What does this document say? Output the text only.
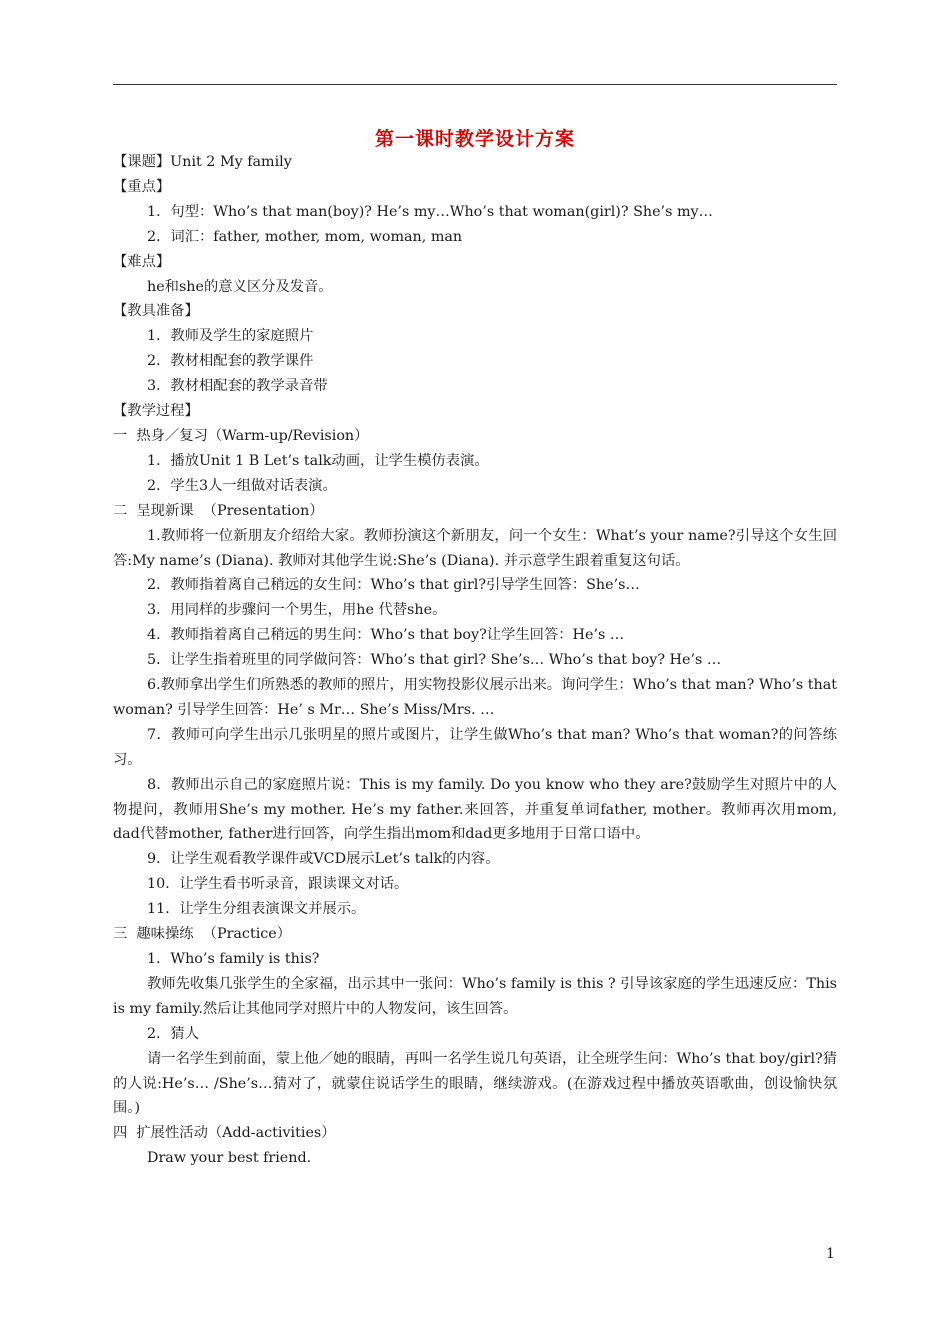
第一课时教学设计方案

【课题】Unit 2 My family

【重点】

1．句型：Who’s that man(boy)? He’s my…Who’s that woman(girl)? She’s my…

2．词汇：father, mother, mom, woman, man

【难点】

he和she的意义区分及发音。

【教具准备】

1．教师及学生的家庭照片

2．教材相配套的教学课件

3．教材相配套的教学录音带

【教学过程】

一  热身／复习（Warm-up/Revision）

1．播放Unit 1 B Let’s talk动画，让学生模仿表演。

2．学生3人一组做对话表演。

二  呈现新课  （Presentation）

1.教师将一位新朋友介绍给大家。教师扮演这个新朋友，问一个女生：What’s your name?引导这个女生回答:My name’s (Diana). 教师对其他学生说:She’s (Diana). 并示意学生跟着重复这句话。

2．教师指着离自己稍远的女生问：Who’s that girl?引导学生回答：She’s…

3．用同样的步骤问一个男生，用he 代替she。

4．教师指着离自己稍远的男生问：Who’s that boy?让学生回答：He’s …

5．让学生指着班里的同学做问答：Who’s that girl? She’s… Who’s that boy? He’s …

6.教师拿出学生们所熟悉的教师的照片，用实物投影仪展示出来。询问学生：Who’s that man? Who’s that woman? 引导学生回答：He’ s Mr… She’s Miss/Mrs. …

7．教师可向学生出示几张明星的照片或图片，让学生做Who’s that man? Who’s that woman?的问答练习。

8．教师出示自己的家庭照片说：This is my family. Do you know who they are?鼓励学生对照片中的人物提问，教师用She’s my mother. He’s my father.来回答，并重复单词father, mother。教师再次用mom, dad代替mother, father进行回答，向学生指出mom和dad更多地用于日常口语中。

9．让学生观看教学课件或VCD展示Let’s talk的内容。

10．让学生看书听录音，跟读课文对话。

11．让学生分组表演课文并展示。

三  趣味操练  （Practice）

1．Who’s family is this?

教师先收集几张学生的全家福，出示其中一张问：Who’s family is this ? 引导该家庭的学生迅速反应：This is my family.然后让其他同学对照片中的人物发问，该生回答。

2．猜人

请一名学生到前面，蒙上他／她的眼睛，再叫一名学生说几句英语，让全班学生问：Who’s that boy/girl?猜的人说:He’s… /She’s…猜对了，就蒙住说话学生的眼睛，继续游戏。(在游戏过程中播放英语歌曲，创设愉快氛围。)

四  扩展性活动（Add-activities）

Draw your best friend.

1
